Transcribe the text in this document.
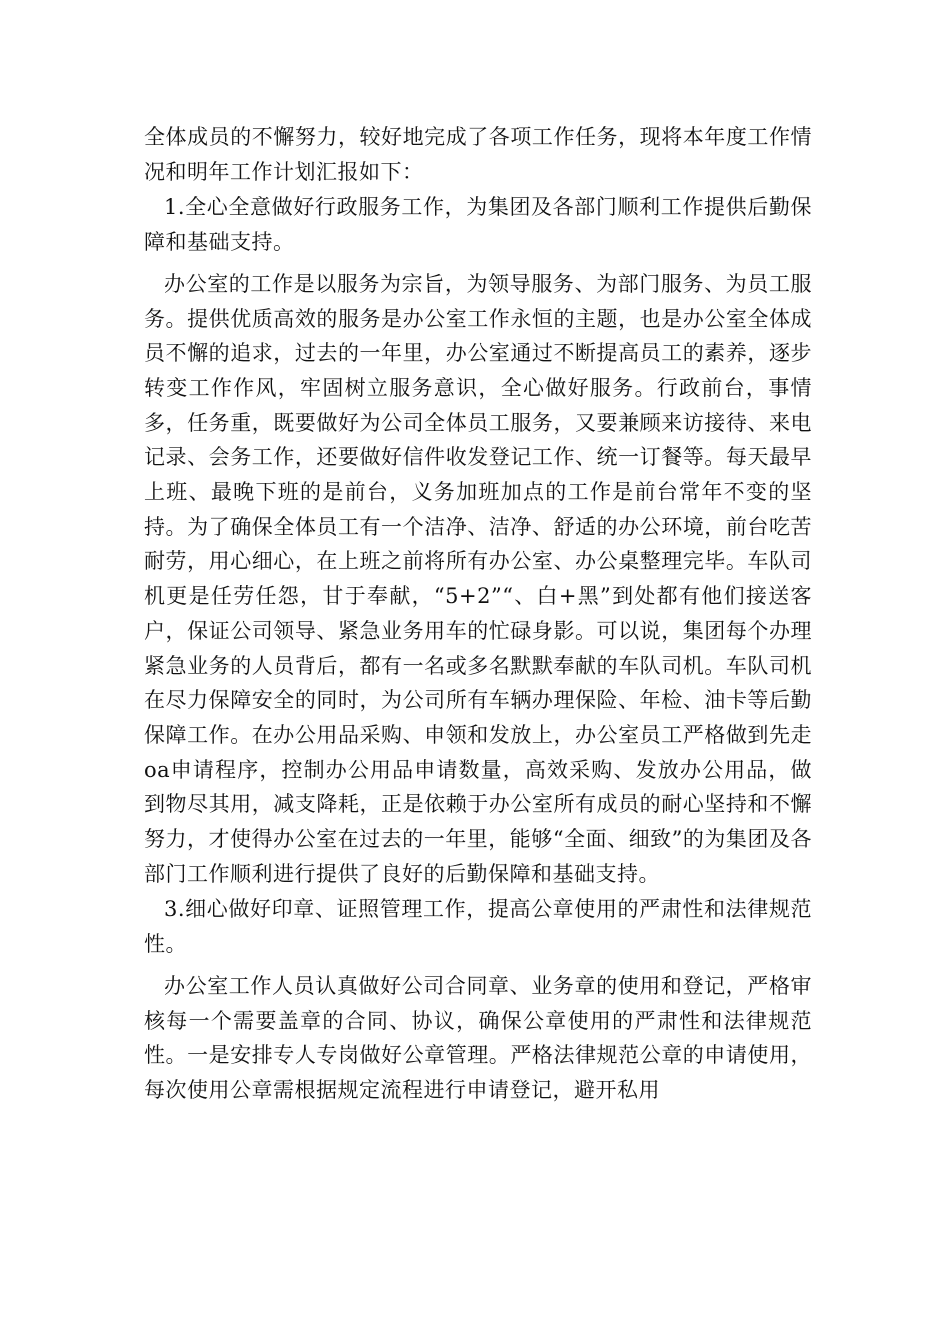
全体成员的不懈努力，较好地完成了各项工作任务，现将本年度工作情况和明年工作计划汇报如下：

1.全心全意做好行政服务工作，为集团及各部门顺利工作提供后勤保障和基础支持。

办公室的工作是以服务为宗旨，为领导服务、为部门服务、为员工服务。提供优质高效的服务是办公室工作永恒的主题，也是办公室全体成员不懈的追求，过去的一年里，办公室通过不断提高员工的素养，逐步转变工作作风，牢固树立服务意识，全心做好服务。行政前台，事情多，任务重，既要做好为公司全体员工服务，又要兼顾来访接待、来电记录、会务工作，还要做好信件收发登记工作、统一订餐等。每天最早上班、最晚下班的是前台，义务加班加点的工作是前台常年不变的坚持。为了确保全体员工有一个洁净、洁净、舒适的办公环境，前台吃苦耐劳，用心细心，在上班之前将所有办公室、办公桌整理完毕。车队司机更是任劳任怨，甘于奉献，“5+2”“、白+黑”到处都有他们接送客户，保证公司领导、紧急业务用车的忙碌身影。可以说，集团每个办理紧急业务的人员背后，都有一名或多名默默奉献的车队司机。车队司机在尽力保障安全的同时，为公司所有车辆办理保险、年检、油卡等后勤保障工作。在办公用品采购、申领和发放上，办公室员工严格做到先走oa申请程序，控制办公用品申请数量，高效采购、发放办公用品，做到物尽其用，减支降耗，正是依赖于办公室所有成员的耐心坚持和不懈努力，才使得办公室在过去的一年里，能够“全面、细致”的为集团及各部门工作顺利进行提供了良好的后勤保障和基础支持。

3.细心做好印章、证照管理工作，提高公章使用的严肃性和法律规范性。

办公室工作人员认真做好公司合同章、业务章的使用和登记，严格审核每一个需要盖章的合同、协议，确保公章使用的严肃性和法律规范性。一是安排专人专岗做好公章管理。严格法律规范公章的申请使用，每次使用公章需根据规定流程进行申请登记，避开私用
